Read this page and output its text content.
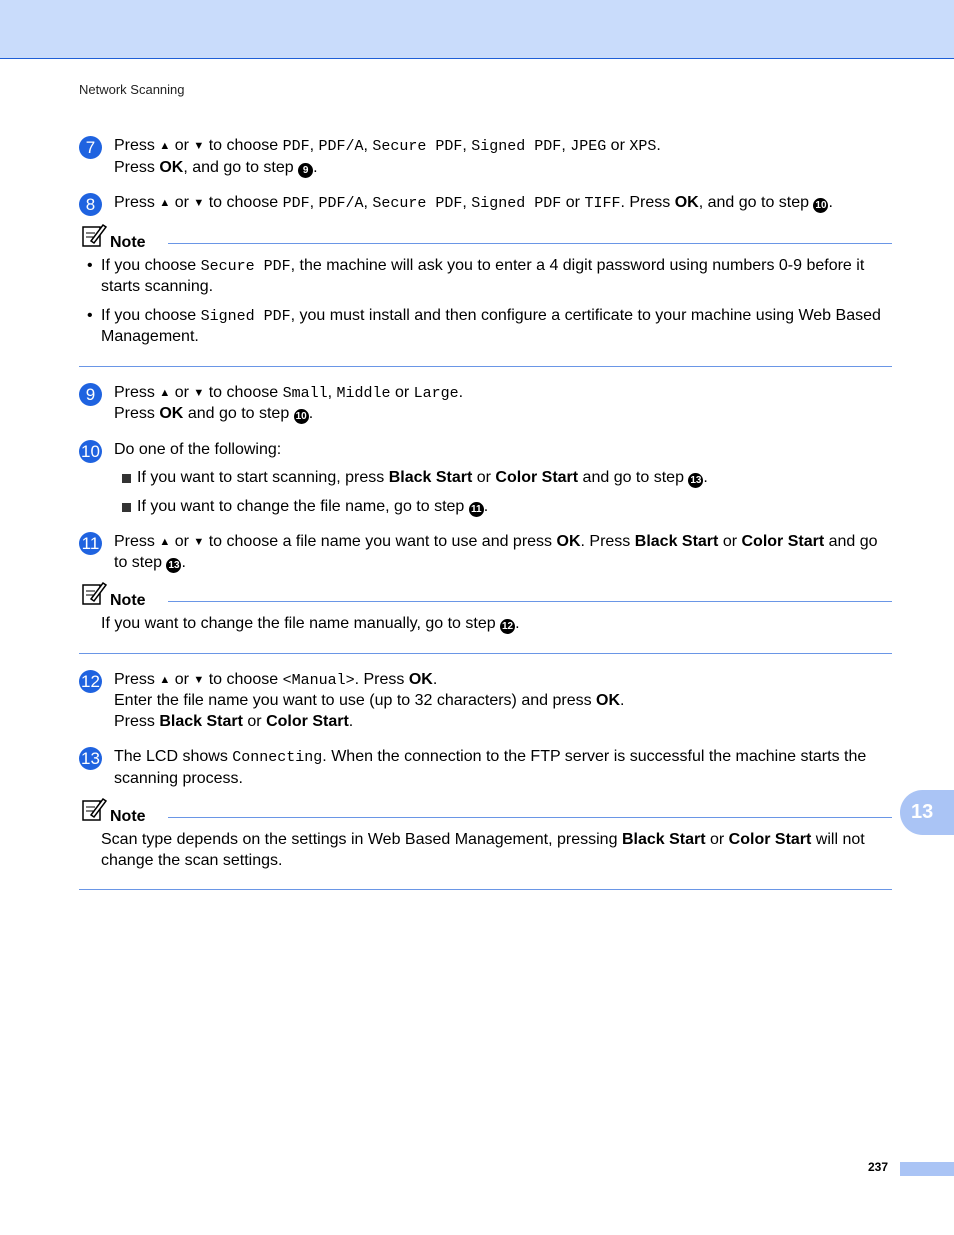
Network Scanning
7	Press ▲ or ▼ to choose PDF, PDF/A, Secure PDF, Signed PDF, JPEG or XPS.
Press OK, and go to step 9 .
8	Press ▲ or ▼ to choose PDF, PDF/A, Secure PDF, Signed PDF or TIFF. Press OK, and go to step 10 .
Note
• If you choose Secure PDF, the machine will ask you to enter a 4 digit password using numbers 0-9 before it starts scanning.
• If you choose Signed PDF, you must install and then configure a certificate to your machine using Web Based Management.
9	Press ▲ or ▼ to choose Small, Middle or Large.
Press OK and go to step 10 .
10 Do one of the following:
If you want to start scanning, press Black Start or Color Start and go to step 13 .
If you want to change the file name, go to step 11 .
11 Press ▲ or ▼ to choose a file name you want to use and press OK. Press Black Start or Color Start and go to step 13 .
Note

If you want to change the file name manually, go to step 12 .

12 Press ▲ or ▼ to choose <Manual>. Press OK.
Enter the file name you want to use (up to 32 characters) and press OK.
Press Black Start or Color Start.
13 The LCD shows Connecting. When the connection to the FTP server is successful the machine starts the scanning process.
Note

Scan type depends on the settings in Web Based Management, pressing Black Start or Color Start will not change the scan settings.

13
237
